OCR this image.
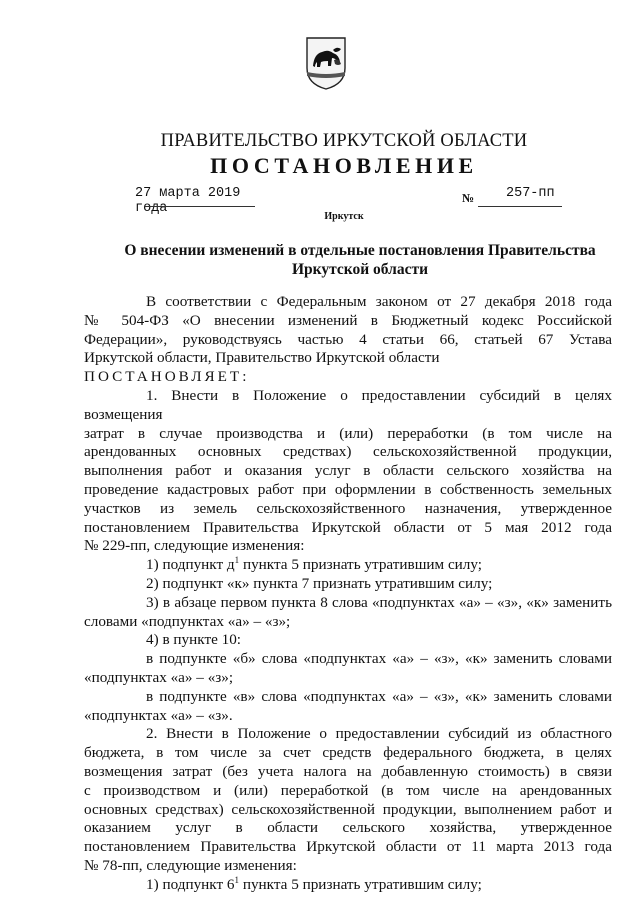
ПРАВИТЕЛЬСТВО ИРКУТСКОЙ ОБЛАСТИ
ПОСТАНОВЛЕНИЕ
27 марта 2019 года
№ 257-пп
Иркутск
О внесении изменений в отдельные постановления Правительства
Иркутской области

В соответствии с Федеральным законом от 27 декабря 2018 года

№ 504-ФЗ «О внесении изменений в Бюджетный кодекс Российской

Федерации», руководствуясь частью 4 статьи 66, статьей 67 Устава

Иркутской области, Правительство Иркутской области

ПОСТАНОВЛЯЕТ:

1. Внести в Положение о предоставлении субсидий в целях возмещения

затрат в случае производства и (или) переработки (в том числе на

арендованных основных средствах) сельскохозяйственной продукции,

выполнения работ и оказания услуг в области сельского хозяйства на

проведение кадастровых работ при оформлении в собственность земельных

участков из земель сельскохозяйственного назначения, утвержденное

постановлением Правительства Иркутской области от 5 мая 2012 года

№ 229-пп, следующие изменения:

1) подпункт $д^1$ пункта 5 признать утратившим силу;

2) подпункт «к» пункта 7 признать утратившим силу;

3) в абзаце первом пункта 8 слова «подпунктах «а» – «з», «к» заменить

словами «подпунктах «а» – «з»;

4) в пункте 10:

в подпункте «б» слова «подпунктах «а» – «з», «к» заменить словами

«подпунктах «а» – «з»;

в подпункте «в» слова «подпунктах «а» – «з», «к» заменить словами

«подпунктах «а» – «з».

2. Внести в Положение о предоставлении субсидий из областного

бюджета, в том числе за счет средств федерального бюджета, в целях

возмещения затрат (без учета налога на добавленную стоимость) в связи

с производством и (или) переработкой (в том числе на арендованных

основных средствах) сельскохозяйственной продукции, выполнением работ и

оказанием услуг в области сельского хозяйства, утвержденное

постановлением Правительства Иркутской области от 11 марта 2013 года

№ 78-пп, следующие изменения:

1) подпункт $6^1$ пункта 5 признать утратившим силу;
